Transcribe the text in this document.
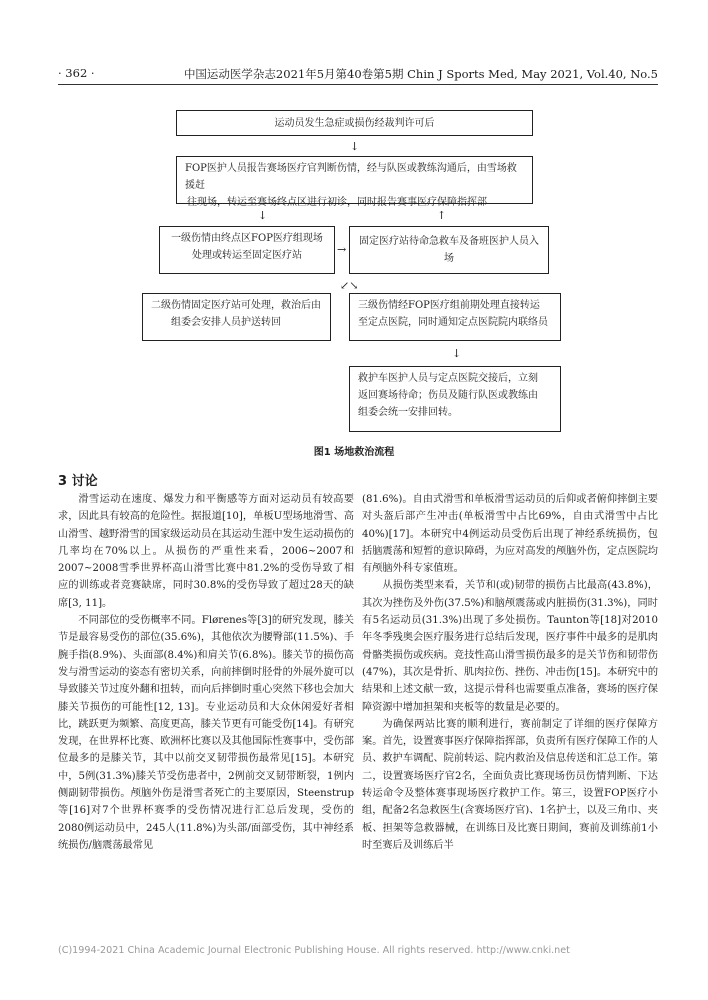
· 362 ·	中国运动医学杂志2021年5月第40卷第5期 Chin J Sports Med, May 2021, Vol.40, No.5
运动员发生急症或损伤经裁判许可后
↓
FOP医护人员报告赛场医疗官判断伤情，经与队医或教练沟通后，由雪场救援赶
往现场，转运至赛场终点区进行初诊，同时报告赛事医疗保障指挥部
↓	↑
一级伤情由终点区FOP医疗组现场
处理或转运至固定医疗站	→
固定医疗站待命急救车及备班医护人员入场
↙↘
二级伤情固定医疗站可处理，救治后由
组委会安排人员护送转回
三级伤情经FOP医疗组前期处理直接转运
至定点医院，同时通知定点医院院内联络员
↓
救护车医护人员与定点医院交接后，立刻
返回赛场待命；伤员及随行队医或教练由
组委会统一安排回转。
图1 场地救治流程
3 讨论

滑雪运动在速度、爆发力和平衡感等方面对运动员有较高要求，因此具有较高的危险性。据报道[10]，单板U型场地滑雪、高山滑雪、越野滑雪的国家级运动员在其运动生涯中发生运动损伤的几率均在70%以上。从损伤的严重性来看，2006~2007和2007~2008雪季世界杯高山滑雪比赛中81.2%的受伤导致了相应的训练或者竞赛缺席，同时30.8%的受伤导致了超过28天的缺席[3, 11]。

不同部位的受伤概率不同。Flørenes等[3]的研究发现，膝关节是最容易受伤的部位(35.6%)，其他依次为腰臀部(11.5%)、手腕手指(8.9%)、头面部(8.4%)和肩关节(6.8%)。膝关节的损伤高发与滑雪运动的姿态有密切关系，向前摔倒时胫骨的外展外旋可以导致膝关节过度外翻和扭转，而向后摔倒时重心突然下移也会加大膝关节损伤的可能性[12, 13]。专业运动员和大众休闲爱好者相比，跳跃更为频繁、高度更高，膝关节更有可能受伤[14]。有研究发现，在世界杯比赛、欧洲杯比赛以及其他国际性赛事中，受伤部位最多的是膝关节，其中以前交叉韧带损伤最常见[15]。本研究中，5例(31.3%)膝关节受伤患者中，2例前交叉韧带断裂，1例内侧副韧带损伤。颅脑外伤是滑雪者死亡的主要原因，Steenstrup等[16]对7个世界杯赛季的受伤情况进行汇总后发现，受伤的2080例运动员中，245人(11.8%)为头部/面部受伤，其中神经系统损伤/脑震荡最常见

(81.6%)。自由式滑雪和单板滑雪运动员的后仰或者俯仰摔倒主要对头盔后部产生冲击(单板滑雪中占比69%，自由式滑雪中占比40%)[17]。本研究中4例运动员受伤后出现了神经系统损伤，包括脑震荡和短暂的意识障碍，为应对高发的颅脑外伤，定点医院均有颅脑外科专家值班。

从损伤类型来看，关节和(或)韧带的损伤占比最高(43.8%)，其次为挫伤及外伤(37.5%)和脑颅震荡或内脏损伤(31.3%)，同时有5名运动员(31.3%)出现了多处损伤。Taunton等[18]对2010年冬季残奥会医疗服务进行总结后发现，医疗事件中最多的是肌肉骨骼类损伤或疾病。竞技性高山滑雪损伤最多的是关节伤和韧带伤(47%)，其次是骨折、肌肉拉伤、挫伤、冲击伤[15]。本研究中的结果和上述文献一致，这提示骨科也需要重点准备，赛场的医疗保障资源中增加担架和夹板等的数量是必要的。

为确保两站比赛的顺利进行，赛前制定了详细的医疗保障方案。首先，设置赛事医疗保障指挥部，负责所有医疗保障工作的人员、救护车调配、院前转运、院内救治及信息传送和汇总工作。第二，设置赛场医疗官2名，全面负责比赛现场伤员伤情判断、下达转运命令及整体赛事现场医疗救护工作。第三，设置FOP医疗小组，配备2名急救医生(含赛场医疗官)、1名护士，以及三角巾、夹板、担架等急救器械，在训练日及比赛日期间，赛前及训练前1小时至赛后及训练后半

(C)1994-2021 China Academic Journal Electronic Publishing House. All rights reserved. http://www.cnki.net
